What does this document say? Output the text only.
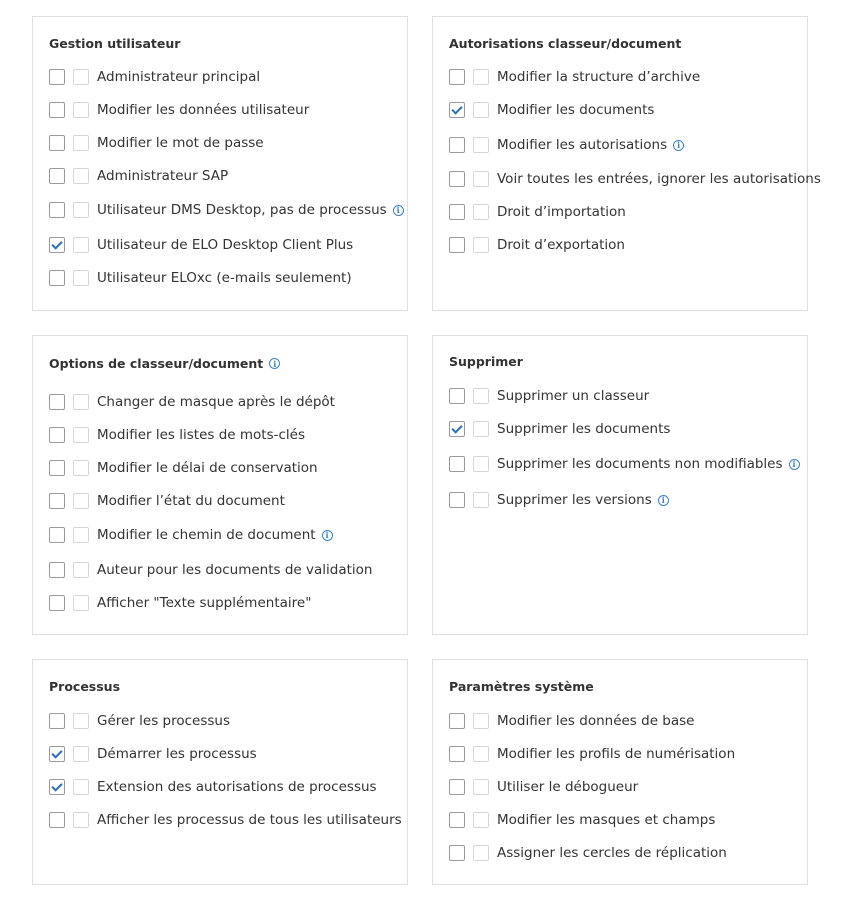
Gestion utilisateur
Administrateur principal
Modifier les données utilisateur
Modifier le mot de passe
Administrateur SAP
Utilisateur DMS Desktop, pas de processus	i
Utilisateur de ELO Desktop Client Plus
Utilisateur ELOxc (e-mails seulement)
Autorisations classeur/document
Modifier la structure d’archive
Modifier les documents
Modifier les autorisations	i
Voir toutes les entrées, ignorer les autorisations
Droit d’importation
Droit d’exportation
Options de classeur/document	i
Changer de masque après le dépôt
Modifier les listes de mots-clés
Modifier le délai de conservation
Modifier l’état du document
Modifier le chemin de document	i
Auteur pour les documents de validation
Afficher "Texte supplémentaire"
Supprimer
Supprimer un classeur
Supprimer les documents
Supprimer les documents non modifiables	i
Supprimer les versions	i
Processus
Gérer les processus
Démarrer les processus
Extension des autorisations de processus
Afficher les processus de tous les utilisateurs
Paramètres système
Modifier les données de base
Modifier les profils de numérisation
Utiliser le débogueur
Modifier les masques et champs
Assigner les cercles de réplication
